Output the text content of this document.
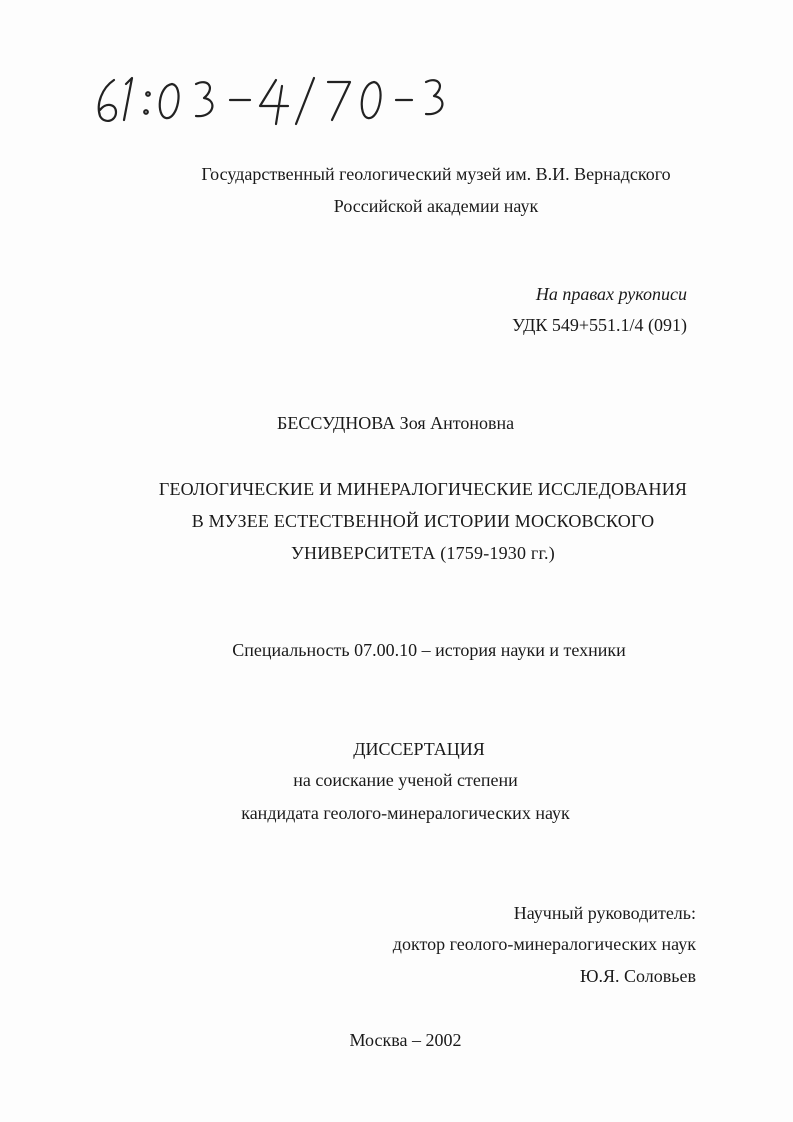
Государственный геологический музей им. В.И. Вернадского
Российской академии наук
На правах рукописи
УДК 549+551.1/4 (091)
БЕССУДНОВА Зоя Антоновна
ГЕОЛОГИЧЕСКИЕ И МИНЕРАЛОГИЧЕСКИЕ ИССЛЕДОВАНИЯ
В МУЗЕЕ ЕСТЕСТВЕННОЙ ИСТОРИИ МОСКОВСКОГО
УНИВЕРСИТЕТА (1759-1930 гг.)
Специальность 07.00.10 – история науки и техники
ДИССЕРТАЦИЯ
на соискание ученой степени
кандидата геолого-минералогических наук
Научный руководитель:
доктор геолого-минералогических наук
Ю.Я. Соловьев
Москва – 2002
